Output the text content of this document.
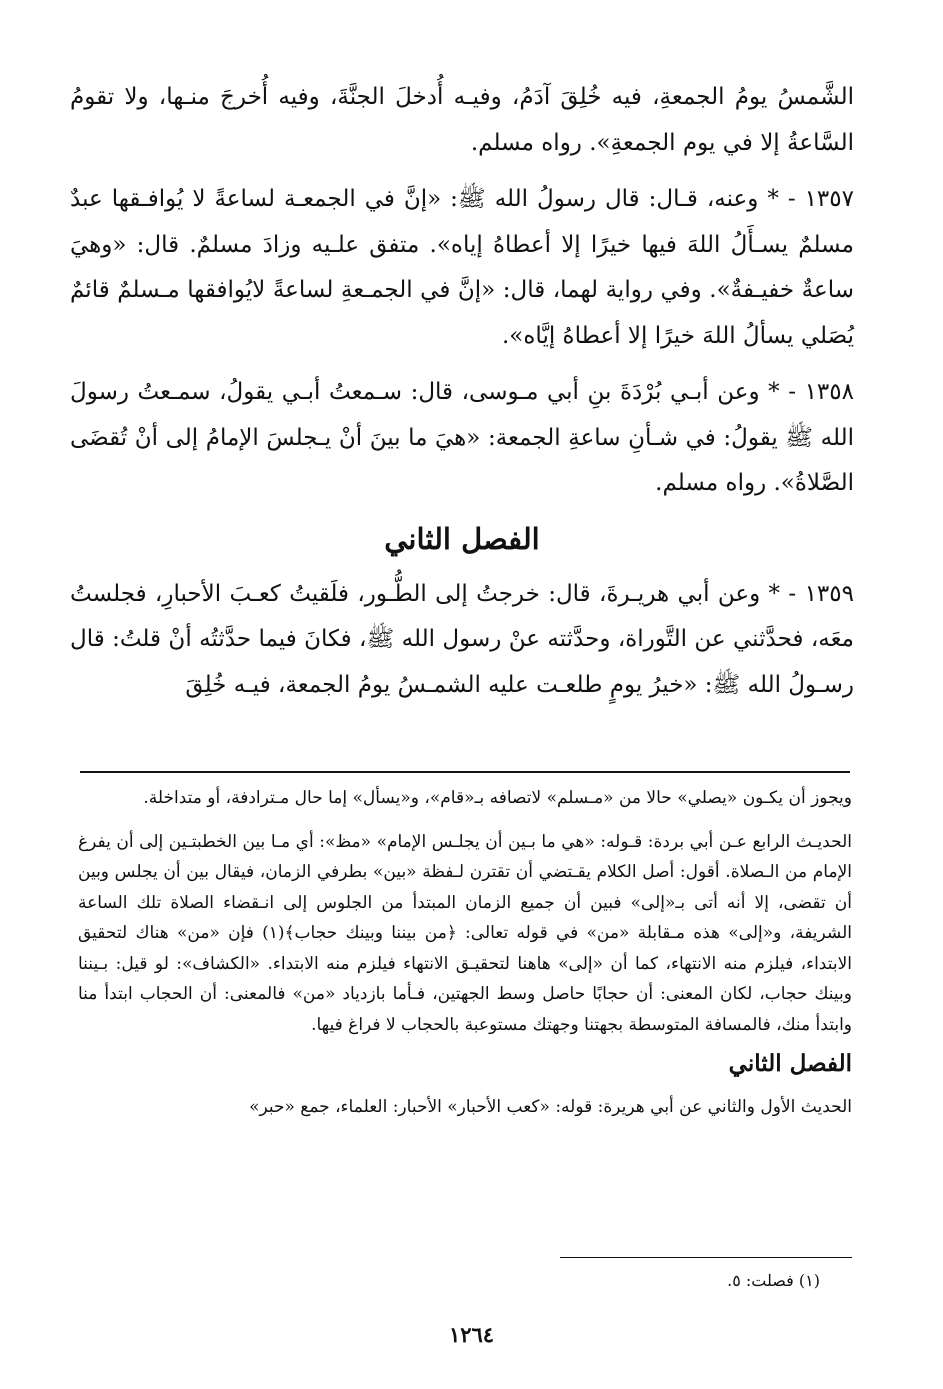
الشَّمسُ يومُ الجمعةِ، فيه خُلِقَ آدَمُ، وفيـه أُدخلَ الجنَّةَ، وفيه أُخرجَ منـها، ولا تقومُ السَّاعةُ إلا في يوم الجمعةِ». رواه مسلم.

١٣٥٧ - * وعنه، قـال: قال رسولُ الله ﷺ: «إنَّ في الجمعـة لساعةً لا يُوافـقها عبدٌ مسلمٌ يسـأَلُ اللهَ فيها خيرًا إلا أعطاهُ إياه». متفق علـيه وزادَ مسلمٌ. قال: «وهيَ ساعةٌ خفيـفةٌ». وفي رواية لهما، قال: «إنَّ في الجمـعةِ لساعةً لايُوافقها مـسلمٌ قائمٌ يُصَلي يسألُ اللهَ خيرًا إلا أعطاهُ إيَّاه».

١٣٥٨ - * وعن أبـي بُرْدَةَ بنِ أبي مـوسى، قال: سـمعتُ أبـي يقولُ، سمـعتُ رسولَ الله ﷺ يقولُ: في شـأنِ ساعةِ الجمعة: «هيَ ما بينَ أنْ يـجلسَ الإمامُ إلى أنْ تُقضَى الصَّلاةُ». رواه مسلم.

الفصل الثاني

١٣٥٩ - * وعن أبي هريـرةَ، قال: خرجتُ إلى الطُّـور، فلَقيتُ كعـبَ الأحبارِ، فجلستُ معَه، فحدَّثني عن التَّوراة، وحدَّثته عنْ رسول الله ﷺ، فكانَ فيما حدَّثتُه أنْ قلتُ: قال رسـولُ الله ﷺ: «خيرُ يومٍ طلعـت عليه الشمـسُ يومُ الجمعة، فيـه خُلِقَ

ويجوز أن يكـون «يصلي» حالا من «مـسلم» لاتصافه بـ«قام»، و«يسأل» إما حال مـترادفة، أو متداخلة.

الحديـث الرابع عـن أبي بردة: قـوله: «هي ما بـين أن يجلـس الإمام» «مظ»: أي مـا بين الخطبتـين إلى أن يفرغ الإمام من الـصلاة. أقول: أصل الكلام يقـتضي أن تقترن لـفظة «بين» بطرفي الزمان، فيقال بين أن يجلس وبين أن تقضى، إلا أنه أتى بـ«إلى» فبين أن جميع الزمان المبتدأ من الجلوس إلى انـقضاء الصلاة تلك الساعة الشريفة، و«إلى» هذه مـقابلة «من» في قوله تعالى: ﴿من بيننا وبينك حجاب﴾(١) فإن «من» هناك لتحقيق الابتداء، فيلزم منه الانتهاء، كما أن «إلى» هاهنا لتحقيـق الانتهاء فيلزم منه الابتداء. «الكشاف»: لو قيل: بـيننا وبينك حجاب، لكان المعنى: أن حجابًا حاصل وسط الجهتين، فـأما بازدياد «من» فالمعنى: أن الحجاب ابتدأ منا وابتدأ منك، فالمسافة المتوسطة بجهتنا وجهتك مستوعبة بالحجاب لا فراغ فيها.

الفصل الثاني

الحديث الأول والثاني عن أبي هريرة: قوله: «كعب الأحبار» الأحبار: العلماء، جمع «حبر»

(١) فصلت: ٥.
١٢٦٤
